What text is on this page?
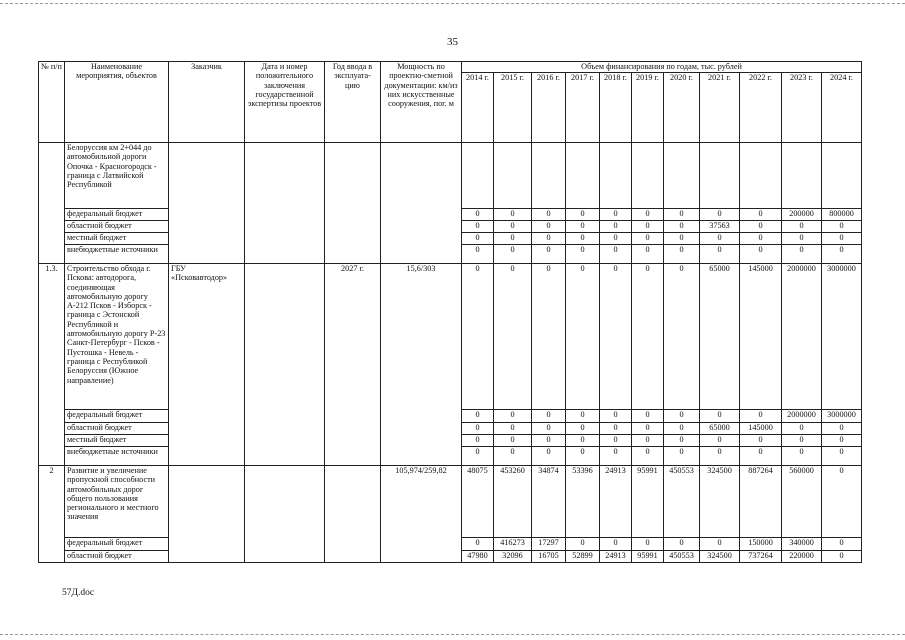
35
№ п/п	Наименование мероприятия, объектов	Заказчик	Дата и номер положительного заключения государственной экспертизы проектов	Год ввода в эксплуата-цию	Мощность по проектно-сметной документации: км/из них искусственные сооружения, пог. м	Объем финансирования по годам, тыс. рублей										
						2014 г.	2015 г.	2016 г.	2017 г.	2018 г.	2019 г.	2020 г.	2021 г.	2022 г.	2023 г.	2024 г.
	Белоруссия км 2+044 до автомобильной дороги Опочка - Красногородск - граница с Латвийской Республикой															
	федеральный бюджет					0	0	0	0	0	0	0	0	0	200000	800000
	областной бюджет					0	0	0	0	0	0	0	37563	0	0	0
	местный бюджет					0	0	0	0	0	0	0	0	0	0	0
	внебюджетные источники					0	0	0	0	0	0	0	0	0	0	0
1.3.	Строительство обхода г. Пскова: автодорога, соединяющая автомобильную дорогу А-212 Псков - Изборск - граница с Эстонской Республикой и автомобильную дорогу Р-23 Санкт-Петербург - Псков - Пустошка - Невель - граница с Республикой Белоруссия (Южное направление)	ГБУ «Псковавтодор»		2027 г.	15,6/303	0	0	0	0	0	0	0	65000	145000	2000000	3000000
	федеральный бюджет					0	0	0	0	0	0	0	0	0	2000000	3000000
	областной бюджет					0	0	0	0	0	0	0	65000	145000	0	0
	местный бюджет					0	0	0	0	0	0	0	0	0	0	0
	внебюджетные источники					0	0	0	0	0	0	0	0	0	0	0
2	Развитие и увеличение пропускной способности автомобильных дорог общего пользования регионального и местного значения				105,974/259,82	48075	453260	34874	53396	24913	95991	450553	324500	887264	560000	0
	федеральный бюджет					0	416273	17297	0	0	0	0	0	150000	340000	0
	областной бюджет					47980	32096	16705	52899	24913	95991	450553	324500	737264	220000	0
57Д.doc
